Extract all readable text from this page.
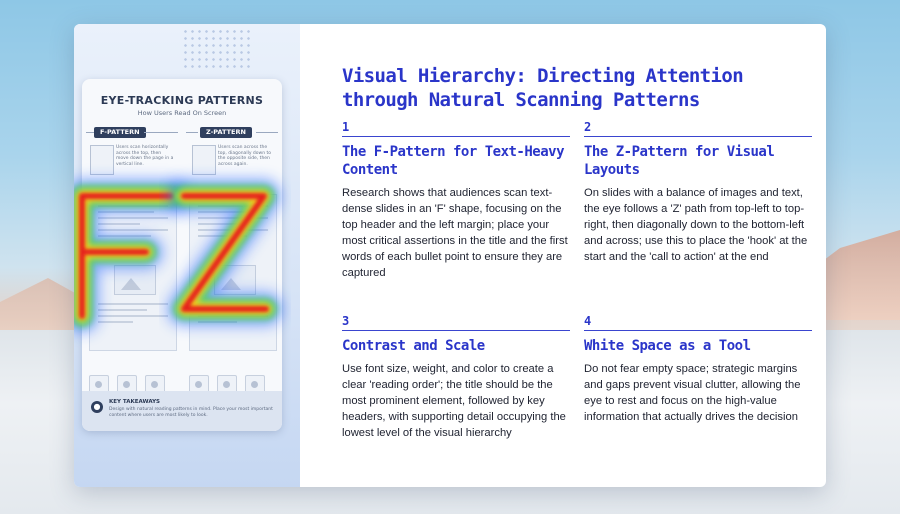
EYE-TRACKING PATTERNS
How Users Read On Screen
F-PATTERN	Z-PATTERN
Users scan horizontally across the top, then move down the page in a vertical line.
Users scan across the top, diagonally down to the opposite side, then across again.
●	KEY TAKEAWAYS
Design with natural reading patterns in mind. Place your most important content where users are most likely to look.
Visual Hierarchy: Directing Attention through Natural Scanning Patterns
1
The F-Pattern for Text-Heavy Content
Research shows that audiences scan text-dense slides in an 'F' shape, focusing on the top header and the left margin; place your most critical assertions in the title and the first words of each bullet point to ensure they are captured
2
The Z-Pattern for Visual Layouts
On slides with a balance of images and text, the eye follows a 'Z' path from top-left to top-right, then diagonally down to the bottom-left and across; use this to place the 'hook' at the start and the 'call to action' at the end
3
Contrast and Scale
Use font size, weight, and color to create a clear 'reading order'; the title should be the most prominent element, followed by key headers, with supporting detail occupying the lowest level of the visual hierarchy
4
White Space as a Tool
Do not fear empty space; strategic margins and gaps prevent visual clutter, allowing the eye to rest and focus on the high-value information that actually drives the decision
